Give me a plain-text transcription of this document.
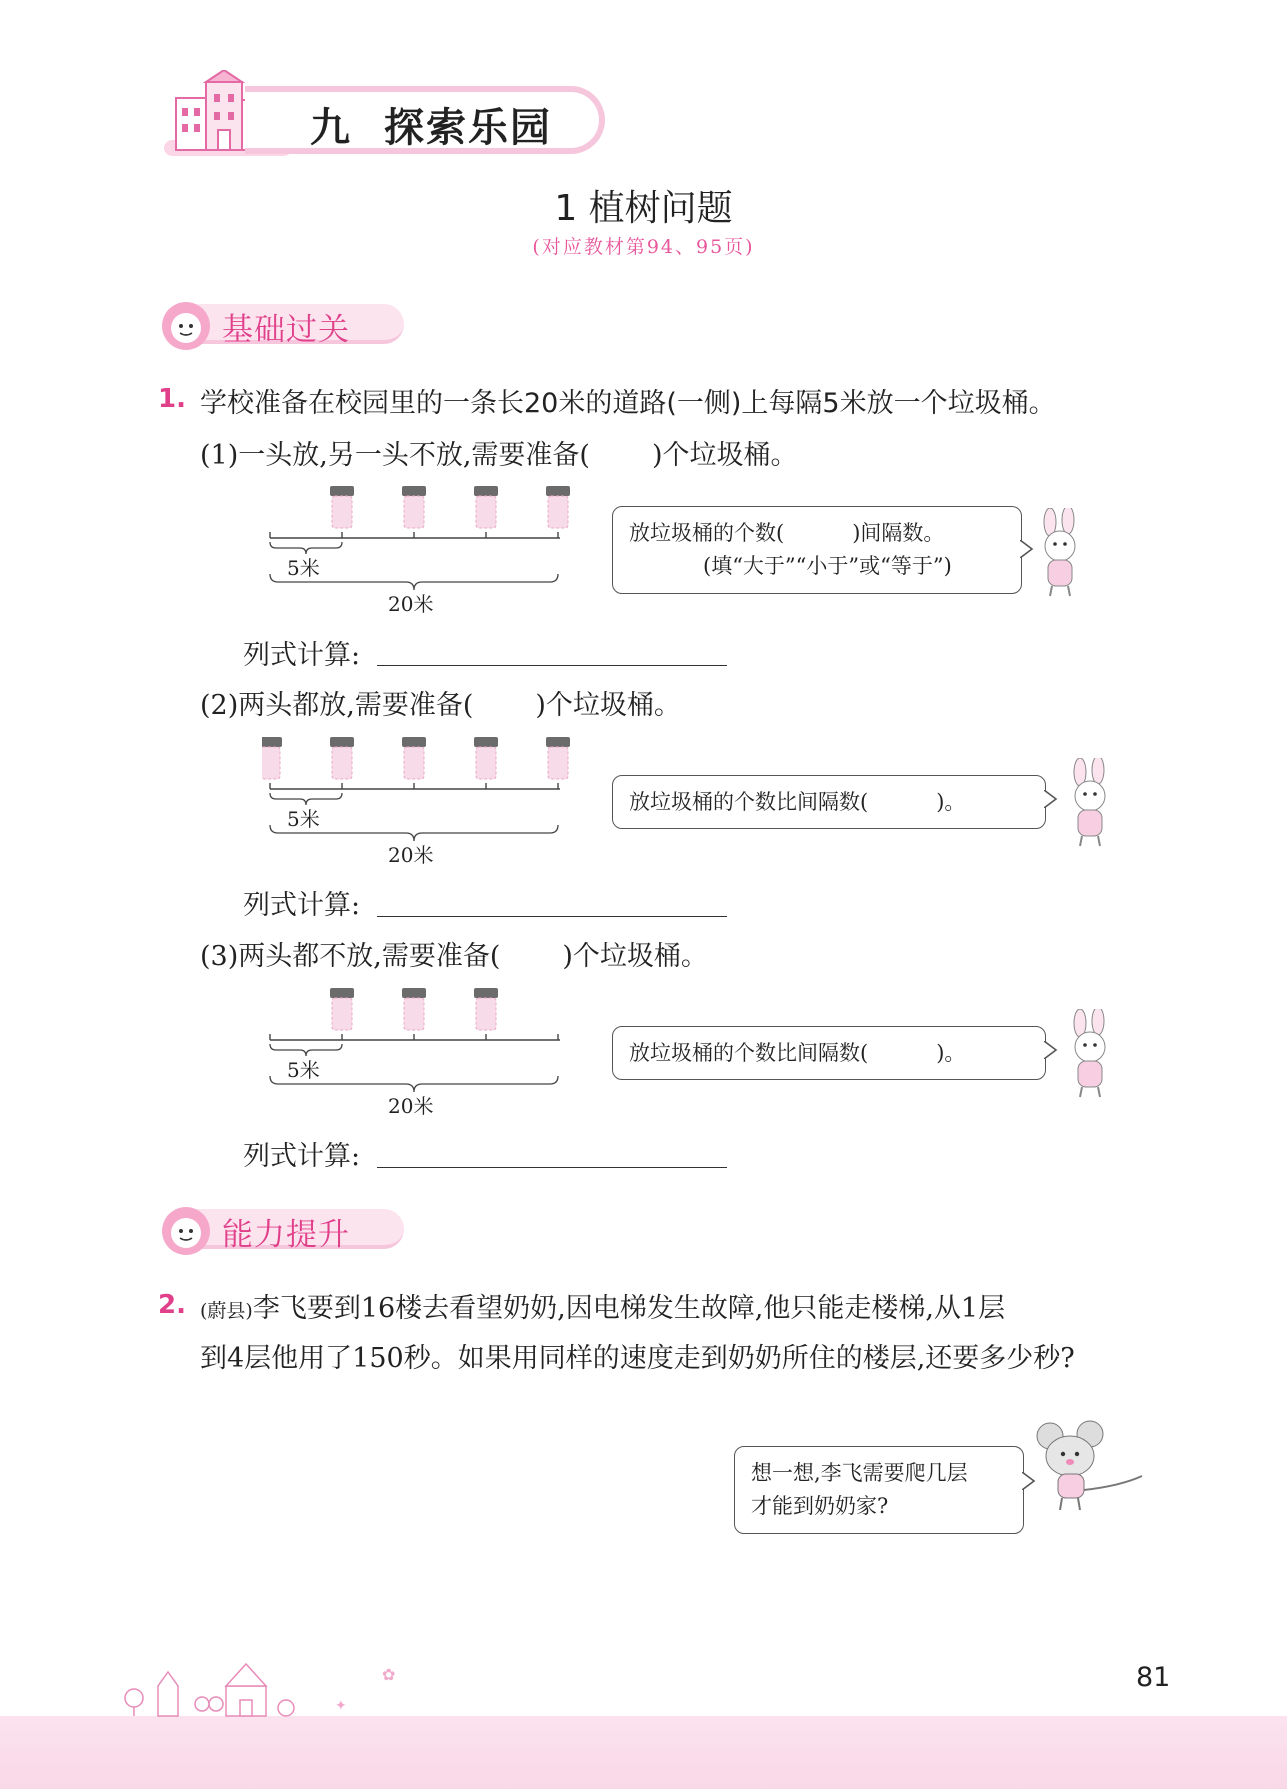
九 探索乐园
1 植树问题
(对应教材第94、95页)
基础过关
1. 学校准备在校园里的一条长20米的道路(一侧)上每隔5米放一个垃圾桶。
(1)一头放,另一头不放,需要准备( )个垃圾桶。
5米
20米
放垃圾桶的个数(	)间隔数。
(填“大于”“小于”或“等于”)
列式计算:
(2)两头都放,需要准备( )个垃圾桶。
5米
20米
放垃圾桶的个数比间隔数(	)。
列式计算:
(3)两头都不放,需要准备( )个垃圾桶。
5米
20米
放垃圾桶的个数比间隔数(	)。
列式计算:
能力提升
2. (蔚县)李飞要到16楼去看望奶奶,因电梯发生故障,他只能走楼梯,从1层
到4层他用了150秒。如果用同样的速度走到奶奶所住的楼层,还要多少秒?
想一想,李飞需要爬几层
才能到奶奶家?
✦
✿	81
